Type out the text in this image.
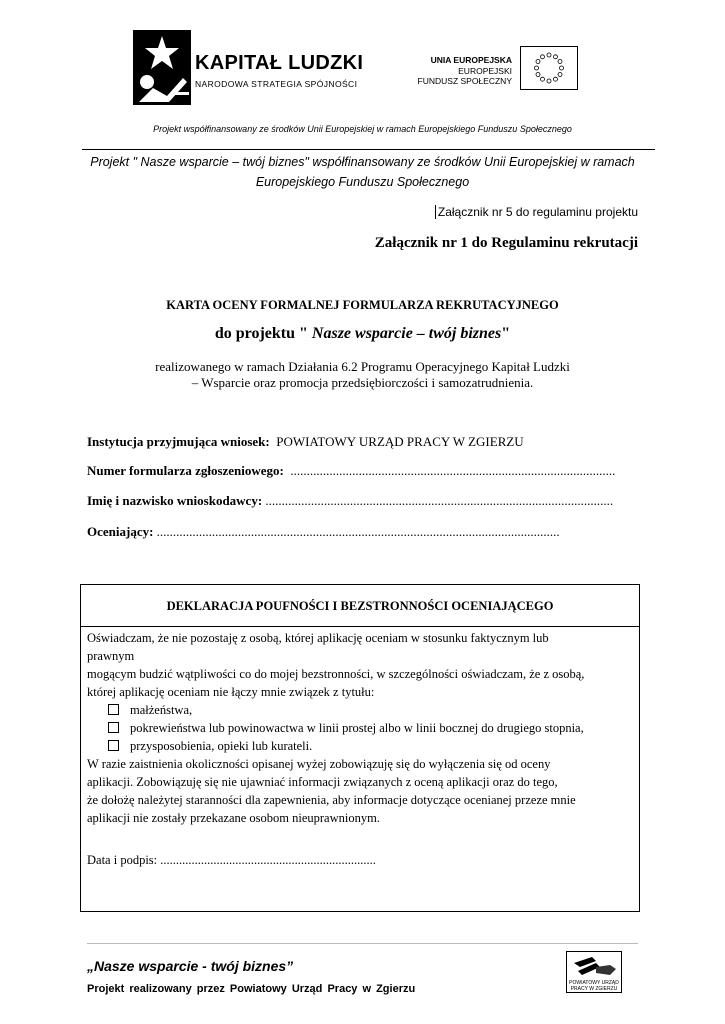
KAPITAŁ LUDZKI
NARODOWA STRATEGIA SPÓJNOŚCI
UNIA EUROPEJSKA
EUROPEJSKI
FUNDUSZ SPOŁECZNY
Projekt współfinansowany ze środków Unii Europejskiej w ramach Europejskiego Funduszu Społecznego
Projekt " Nasze wsparcie – twój biznes" współfinansowany ze środków Unii Europejskiej w ramach
Europejskiego Funduszu Społecznego
Załącznik nr 5 do regulaminu projektu
Załącznik nr 1 do Regulaminu rekrutacji
KARTA OCENY FORMALNEJ FORMULARZA REKRUTACYJNEGO
do projektu " Nasze wsparcie – twój biznes"
realizowanego w ramach Działania 6.2 Programu Operacyjnego Kapitał Ludzki
– Wsparcie oraz promocja przedsiębiorczości i samozatrudnienia.
Instytucja przyjmująca wniosek: POWIATOWY URZĄD PRACY W ZGIERZU
Numer formularza zgłoszeniowego: ....................................................................................................
Imię i nazwisko wnioskodawcy: ...........................................................................................................
Oceniający: ............................................................................................................................
DEKLARACJA POUFNOŚCI I BEZSTRONNOŚCI OCENIAJĄCEGO

Oświadczam, że nie pozostaję z osobą, której aplikację oceniam w stosunku faktycznym lub

prawnym

mogącym budzić wątpliwości co do mojej bezstronności, w szczególności oświadczam, że z osobą,

której aplikację oceniam nie łączy mnie związek z tytułu:

małżeństwa,
pokrewieństwa lub powinowactwa w linii prostej albo w linii bocznej do drugiego stopnia,
przysposobienia, opieki lub kurateli.

W razie zaistnienia okoliczności opisanej wyżej zobowiązuję się do wyłączenia się od oceny

aplikacji. Zobowiązuję się nie ujawniać informacji związanych z oceną aplikacji oraz do tego,

że dołożę należytej staranności dla zapewnienia, aby informacje dotyczące ocenianej przeze mnie

aplikacji nie zostały przekazane osobom nieuprawnionym.

Data i podpis: .....................................................................
„Nasze wsparcie - twój biznes”
Projekt realizowany przez Powiatowy Urząd Pracy w Zgierzu	POWIATOWY URZĄD PRACY W ZGIERZU
